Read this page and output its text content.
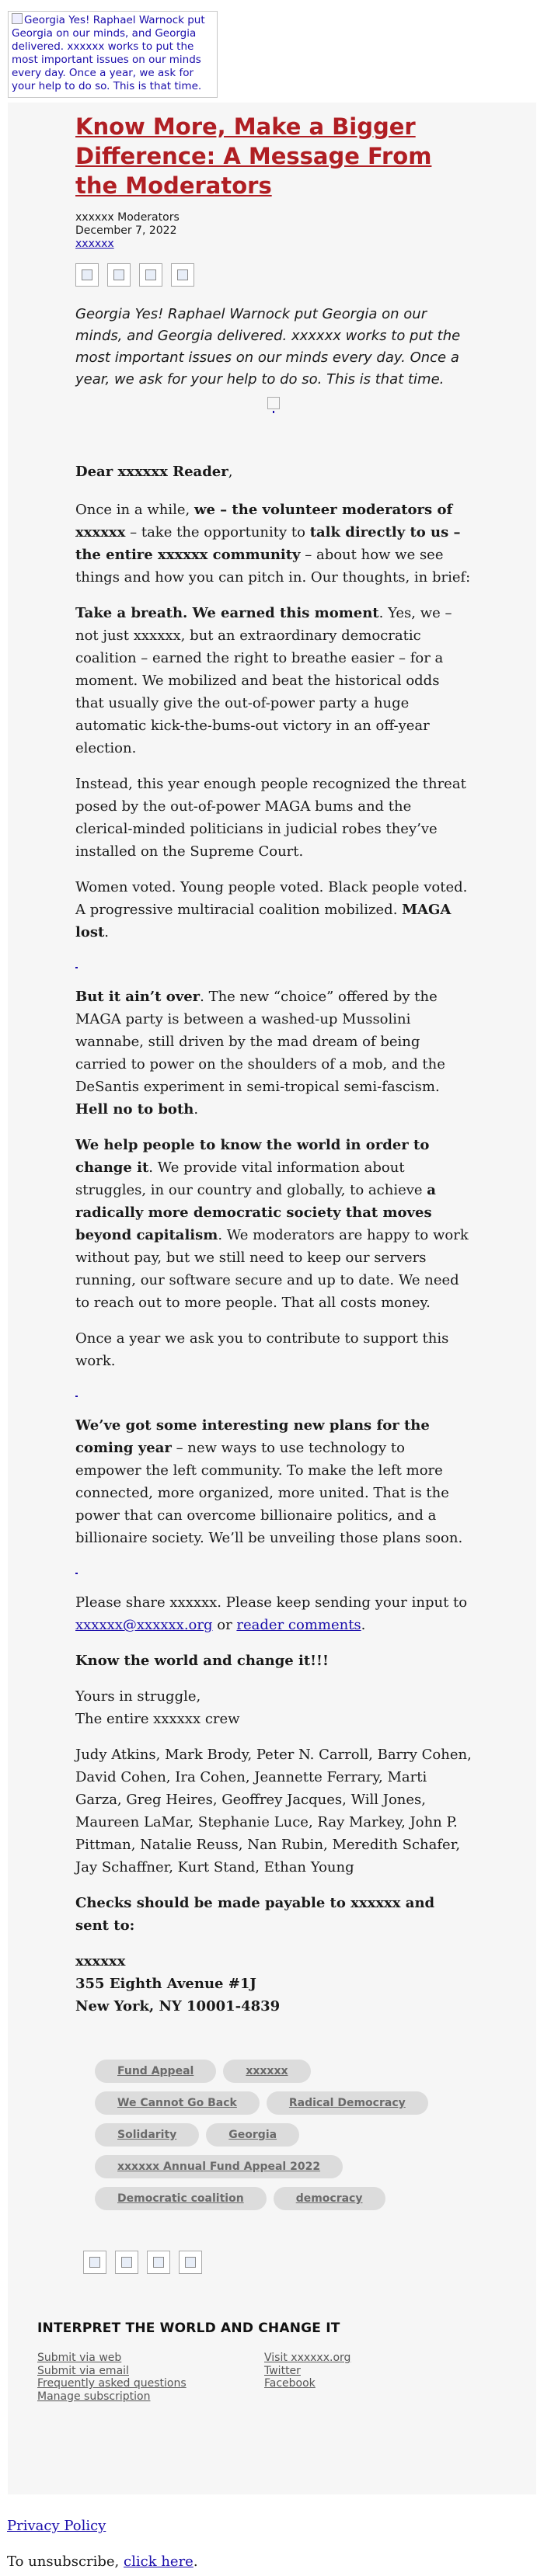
Georgia Yes! Raphael Warnock put Georgia on our minds, and Georgia delivered. xxxxxx works to put the most important issues on our minds every day. Once a year, we ask for your help to do so. This is that time.
Know More, Make a Bigger Difference: A Message From the Moderators
xxxxxx Moderators
December 7, 2022
xxxxxx
Georgia Yes! Raphael Warnock put Georgia on our minds, and Georgia delivered. xxxxxx works to put the most important issues on our minds every day. Once a year, we ask for your help to do so. This is that time.

Dear xxxxxx Reader,

Once in a while, we – the volunteer moderators of xxxxxx – take the opportunity to talk directly to us – the entire xxxxxx community – about how we see things and how you can pitch in. Our thoughts, in brief:

Take a breath. We earned this moment. Yes, we – not just xxxxxx, but an extraordinary democratic coalition – earned the right to breathe easier – for a moment. We mobilized and beat the historical odds that usually give the out-of-power party a huge automatic kick-the-bums-out victory in an off-year election.

Instead, this year enough people recognized the threat posed by the out-of-power MAGA bums and the clerical-minded politicians in judicial robes they’ve installed on the Supreme Court.

Women voted. Young people voted. Black people voted. A progressive multiracial coalition mobilized. MAGA lost.

But it ain’t over. The new “choice” offered by the MAGA party is between a washed-up Mussolini wannabe, still driven by the mad dream of being carried to power on the shoulders of a mob, and the DeSantis experiment in semi-tropical semi-fascism. Hell no to both.

We help people to know the world in order to change it. We provide vital information about struggles, in our country and globally, to achieve a radically more democratic society that moves beyond capitalism. We moderators are happy to work without pay, but we still need to keep our servers running, our software secure and up to date. We need to reach out to more people. That all costs money.

Once a year we ask you to contribute to support this work.

We’ve got some interesting new plans for the coming year – new ways to use technology to empower the left community. To make the left more connected, more organized, more united. That is the power that can overcome billionaire politics, and a billionaire society. We’ll be unveiling those plans soon.

Please share xxxxxx. Please keep sending your input to xxxxxx@xxxxxx.org or reader comments.

Know the world and change it!!!

Yours in struggle,
The entire xxxxxx crew

Judy Atkins, Mark Brody, Peter N. Carroll, Barry Cohen, David Cohen, Ira Cohen, Jeannette Ferrary, Marti Garza, Greg Heires, Geoffrey Jacques, Will Jones, Maureen LaMar, Stephanie Luce, Ray Markey, John P. Pittman, Natalie Reuss, Nan Rubin, Meredith Schafer, Jay Schaffner, Kurt Stand, Ethan Young

Checks should be made payable to xxxxxx and sent to:

xxxxxx
355 Eighth Avenue #1J
New York, NY 10001-4839

Fund Appeal	xxxxxx
We Cannot Go Back	Radical Democracy
Solidarity	Georgia
xxxxxx Annual Fund Appeal 2022
Democratic coalition	democracy
INTERPRET THE WORLD AND CHANGE IT
Submit via web
Submit via email
Frequently asked questions
Manage subscription
Visit xxxxxx.org
Twitter
Facebook
Privacy Policy
To unsubscribe, click here.
